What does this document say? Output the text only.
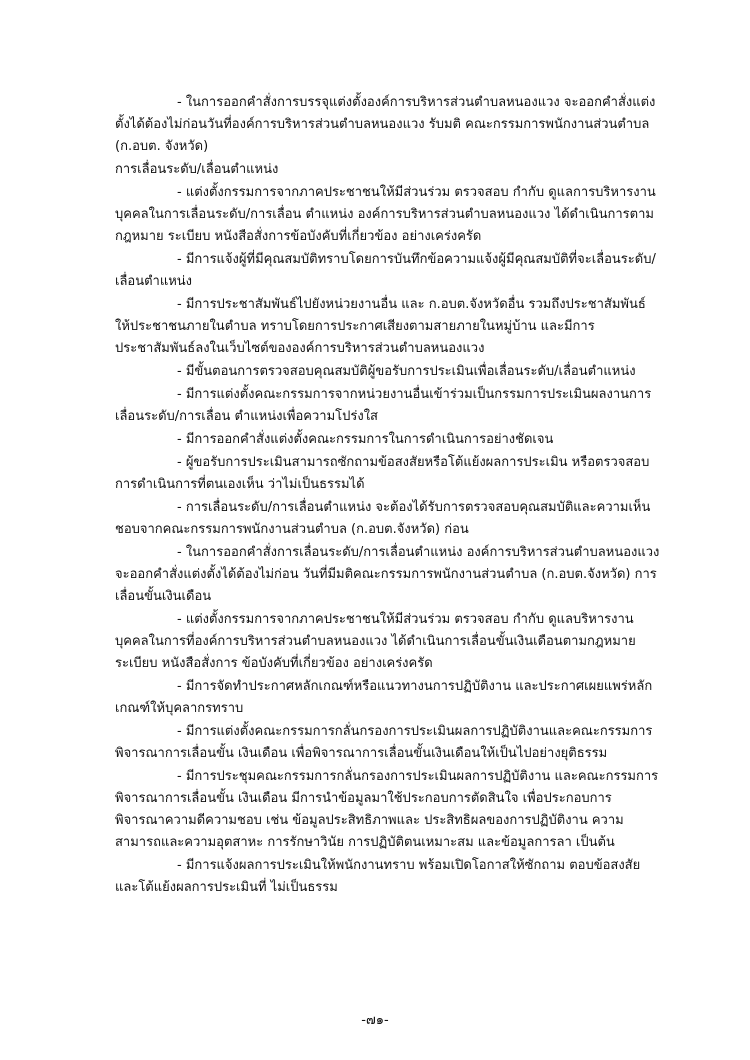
- ในการออกคำสั่งการบรรจุแต่งตั้งองค์การบริหารส่วนตำบลหนองแวง จะออกคำสั่งแต่งตั้งได้ต้องไม่ก่อนวันที่องค์การบริหารส่วนตำบลหนองแวง รับมติ คณะกรรมการพนักงานส่วนตำบล (ก.อบต. จังหวัด)

การเลื่อนระดับ/เลื่อนตำแหน่ง

- แต่งตั้งกรรมการจากภาคประชาชนให้มีส่วนร่วม ตรวจสอบ กำกับ ดูแลการบริหารงานบุคคลในการเลื่อนระดับ/การเลื่อน ตำแหน่ง องค์การบริหารส่วนตำบลหนองแวง ได้ดำเนินการตามกฎหมาย ระเบียบ หนังสือสั่งการข้อบังคับที่เกี่ยวข้อง อย่างเคร่งครัด

- มีการแจ้งผู้ที่มีคุณสมบัติทราบโดยการบันทึกข้อความแจ้งผู้มีคุณสมบัติที่จะเลื่อนระดับ/เลื่อนตำแหน่ง

- มีการประชาสัมพันธ์ไปยังหน่วยงานอื่น และ ก.อบต.จังหวัดอื่น รวมถึงประชาสัมพันธ์ให้ประชาชนภายในตำบล ทราบโดยการประกาศเสียงตามสายภายในหมู่บ้าน และมีการประชาสัมพันธ์ลงในเว็บไซต์ขององค์การบริหารส่วนตำบลหนองแวง

- มีขั้นตอนการตรวจสอบคุณสมบัติผู้ขอรับการประเมินเพื่อเลื่อนระดับ/เลื่อนตำแหน่ง

- มีการแต่งตั้งคณะกรรมการจากหน่วยงานอื่นเข้าร่วมเป็นกรรมการประเมินผลงานการเลื่อนระดับ/การเลื่อน ตำแหน่งเพื่อความโปร่งใส

- มีการออกคำสั่งแต่งตั้งคณะกรรมการในการดำเนินการอย่างชัดเจน

- ผู้ขอรับการประเมินสามารถซักถามข้อสงสัยหรือโต้แย้งผลการประเมิน หรือตรวจสอบการดำเนินการที่ตนเองเห็น ว่าไม่เป็นธรรมได้

- การเลื่อนระดับ/การเลื่อนตำแหน่ง จะต้องได้รับการตรวจสอบคุณสมบัติและความเห็นชอบจากคณะกรรมการพนักงานส่วนตำบล (ก.อบต.จังหวัด) ก่อน

- ในการออกคำสั่งการเลื่อนระดับ/การเลื่อนตำแหน่ง องค์การบริหารส่วนตำบลหนองแวง จะออกคำสั่งแต่งตั้งได้ต้องไม่ก่อน วันที่มีมติคณะกรรมการพนักงานส่วนตำบล (ก.อบต.จังหวัด) การเลื่อนขั้นเงินเดือน

- แต่งตั้งกรรมการจากภาคประชาชนให้มีส่วนร่วม ตรวจสอบ กำกับ ดูแลบริหารงานบุคคลในการที่องค์การบริหารส่วนตำบลหนองแวง ได้ดำเนินการเลื่อนขั้นเงินเดือนตามกฎหมาย ระเบียบ หนังสือสั่งการ ข้อบังคับที่เกี่ยวข้อง อย่างเคร่งครัด

- มีการจัดทำประกาศหลักเกณฑ์หรือแนวทางนการปฏิบัติงาน และประกาศเผยแพร่หลักเกณฑ์ให้บุคลากรทราบ

- มีการแต่งตั้งคณะกรรมการกลั่นกรองการประเมินผลการปฏิบัติงานและคณะกรรมการพิจารณาการเลื่อนขั้น เงินเดือน เพื่อพิจารณาการเลื่อนขั้นเงินเดือนให้เป็นไปอย่างยุติธรรม

- มีการประชุมคณะกรรมการกลั่นกรองการประเมินผลการปฏิบัติงาน และคณะกรรมการพิจารณาการเลื่อนขั้น เงินเดือน มีการนำข้อมูลมาใช้ประกอบการตัดสินใจ เพื่อประกอบการพิจารณาความดีความชอบ เช่น ข้อมูลประสิทธิภาพและ ประสิทธิผลของการปฏิบัติงาน ความสามารถและความอุตสาหะ การรักษาวินัย การปฏิบัติตนเหมาะสม และข้อมูลการลา เป็นต้น

- มีการแจ้งผลการประเมินให้พนักงานทราบ พร้อมเปิดโอกาสให้ซักถาม ตอบข้อสงสัย และโต้แย้งผลการประเมินที่ ไม่เป็นธรรม

-๗๑-
